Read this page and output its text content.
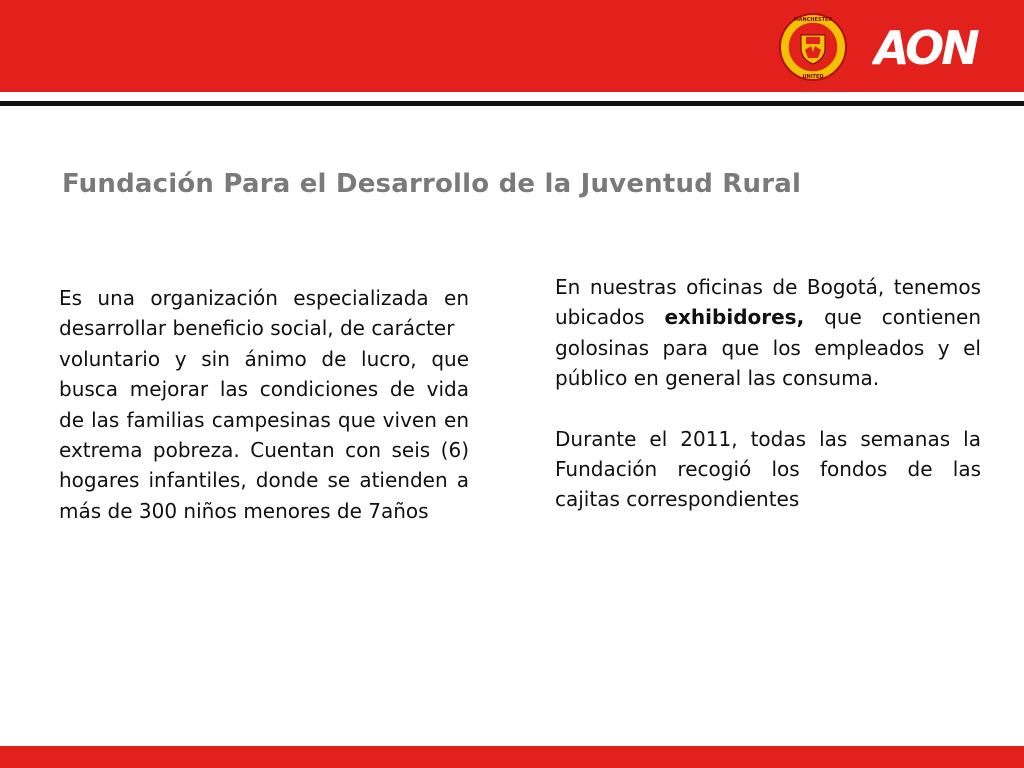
MANCHESTER
UNITED
AON
Fundación Para el Desarrollo de la Juventud Rural
Es una organización especializada en desarrollar beneficio social, de carácter
voluntario y sin ánimo de lucro, que busca mejorar las condiciones de vida de las familias campesinas que viven en extrema pobreza. Cuentan con seis (6) hogares infantiles, donde se atienden a más de 300 niños menores de 7años

En nuestras oficinas de Bogotá, tenemos ubicados exhibidores, que contienen golosinas para que los empleados y el público en general las consuma.

Durante el 2011, todas las semanas la Fundación recogió los fondos de las cajitas correspondientes
